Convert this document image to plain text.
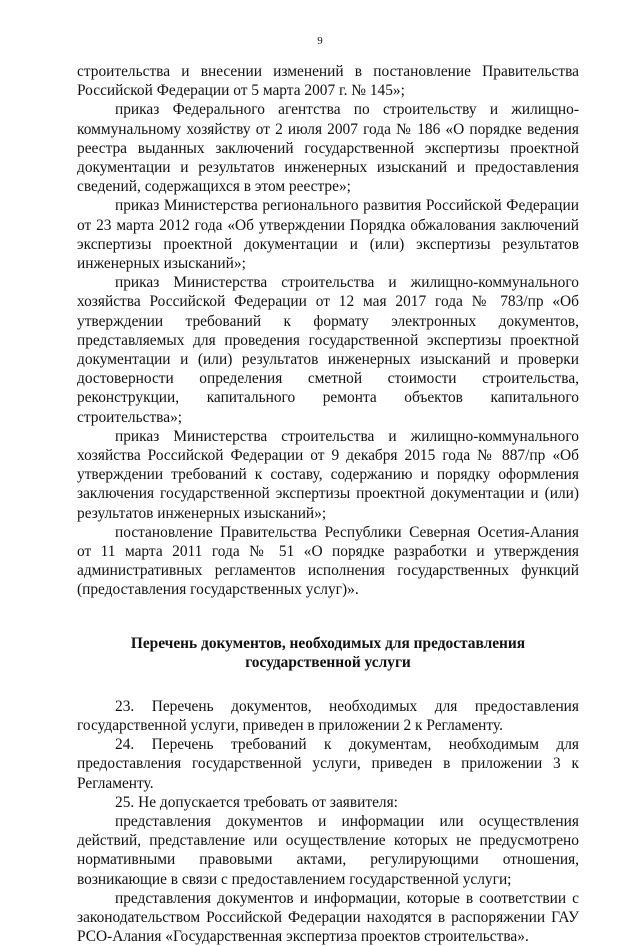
9

строительства и внесении изменений в постановление Правительства Российской Федерации от 5 марта 2007 г. № 145»;

приказ Федерального агентства по строительству и жилищно-коммунальному хозяйству от 2 июля 2007 года № 186 «О порядке ведения реестра выданных заключений государственной экспертизы проектной документации и результатов инженерных изысканий и предоставления сведений, содержащихся в этом реестре»;

приказ Министерства регионального развития Российской Федерации от 23 марта 2012 года «Об утверждении Порядка обжалования заключений экспертизы проектной документации и (или) экспертизы результатов инженерных изысканий»;

приказ Министерства строительства и жилищно-коммунального хозяйства Российской Федерации от 12 мая 2017 года № 783/пр «Об утверждении требований к формату электронных документов, представляемых для проведения государственной экспертизы проектной документации и (или) результатов инженерных изысканий и проверки достоверности определения сметной стоимости строительства, реконструкции, капитального ремонта объектов капитального строительства»;

приказ Министерства строительства и жилищно-коммунального хозяйства Российской Федерации от 9 декабря 2015 года № 887/пр «Об утверждении требований к составу, содержанию и порядку оформления заключения государственной экспертизы проектной документации и (или) результатов инженерных изысканий»;

постановление Правительства Республики Северная Осетия-Алания от 11 марта 2011 года № 51 «О порядке разработки и утверждения административных регламентов исполнения государственных функций (предоставления государственных услуг)».

Перечень документов, необходимых для предоставления
государственной услуги

23. Перечень документов, необходимых для предоставления государственной услуги, приведен в приложении 2 к Регламенту.

24. Перечень требований к документам, необходимым для предоставления государственной услуги, приведен в приложении 3 к Регламенту.

25. Не допускается требовать от заявителя:

представления документов и информации или осуществления действий, представление или осуществление которых не предусмотрено нормативными правовыми актами, регулирующими отношения, возникающие в связи с предоставлением государственной услуги;

представления документов и информации, которые в соответствии с законодательством Российской Федерации находятся в распоряжении ГАУ РСО-Алания «Государственная экспертиза проектов строительства».
